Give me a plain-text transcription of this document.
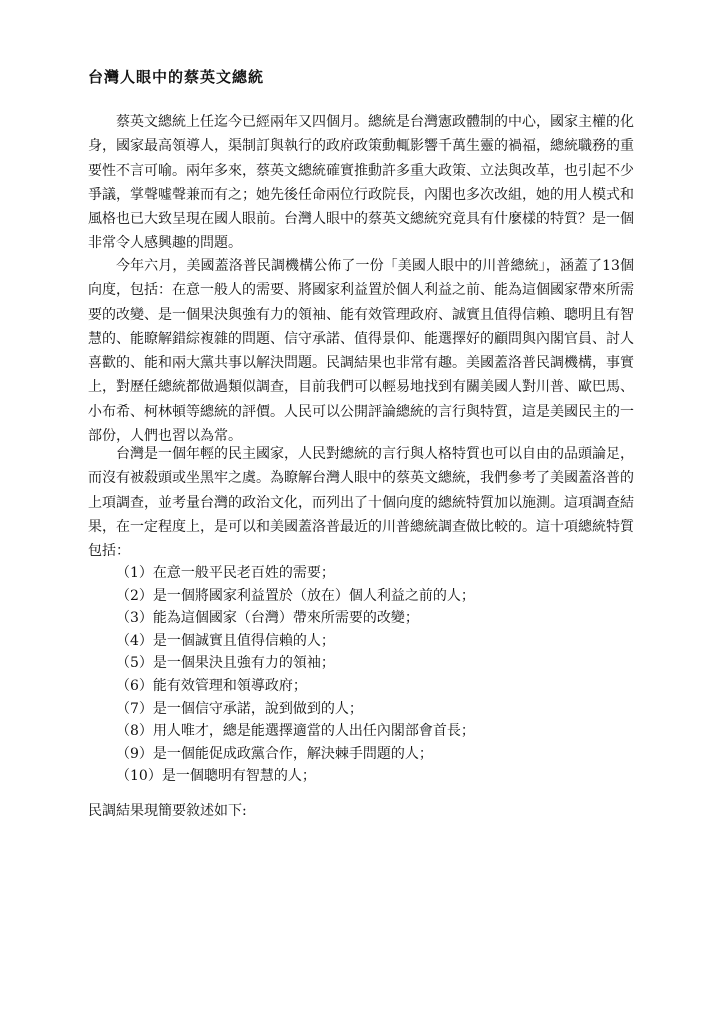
台灣人眼中的蔡英文總統

蔡英文總統上任迄今已經兩年又四個月。總統是台灣憲政體制的中心，國家主權的化身，國家最高領導人，渠制訂與執行的政府政策動輒影響千萬生靈的禍福，總統職務的重要性不言可喻。兩年多來，蔡英文總統確實推動許多重大政策、立法與改革，也引起不少爭議，掌聲噓聲兼而有之；她先後任命兩位行政院長，內閣也多次改組，她的用人模式和風格也已大致呈現在國人眼前。台灣人眼中的蔡英文總統究竟具有什麼樣的特質？是一個非常令人感興趣的問題。

今年六月，美國蓋洛普民調機構公佈了一份「美國人眼中的川普總統」，涵蓋了13個向度，包括：在意一般人的需要、將國家利益置於個人利益之前、能為這個國家帶來所需要的改變、是一個果決與強有力的領袖、能有效管理政府、誠實且值得信賴、聰明且有智慧的、能瞭解錯綜複雜的問題、信守承諾、值得景仰、能選擇好的顧問與內閣官員、討人喜歡的、能和兩大黨共事以解決問題。民調結果也非常有趣。美國蓋洛普民調機構，事實上，對歷任總統都做過類似調查，目前我們可以輕易地找到有關美國人對川普、歐巴馬、小布希、柯林頓等總統的評價。人民可以公開評論總統的言行與特質，這是美國民主的一部份，人們也習以為常。

台灣是一個年輕的民主國家，人民對總統的言行與人格特質也可以自由的品頭論足，而沒有被殺頭或坐黑牢之虞。為瞭解台灣人眼中的蔡英文總統，我們參考了美國蓋洛普的上項調查，並考量台灣的政治文化，而列出了十個向度的總統特質加以施測。這項調查結果，在一定程度上，是可以和美國蓋洛普最近的川普總統調查做比較的。這十項總統特質包括：

（1）在意一般平民老百姓的需要；
（2）是一個將國家利益置於（放在）個人利益之前的人；
（3）能為這個國家（台灣）帶來所需要的改變；
（4）是一個誠實且值得信賴的人；
（5）是一個果決且強有力的領袖；
（6）能有效管理和領導政府；
（7）是一個信守承諾，說到做到的人；
（8）用人唯才，總是能選擇適當的人出任內閣部會首長；
（9）是一個能促成政黨合作，解決棘手問題的人；
（10）是一個聰明有智慧的人；

民調結果現簡要敘述如下:
